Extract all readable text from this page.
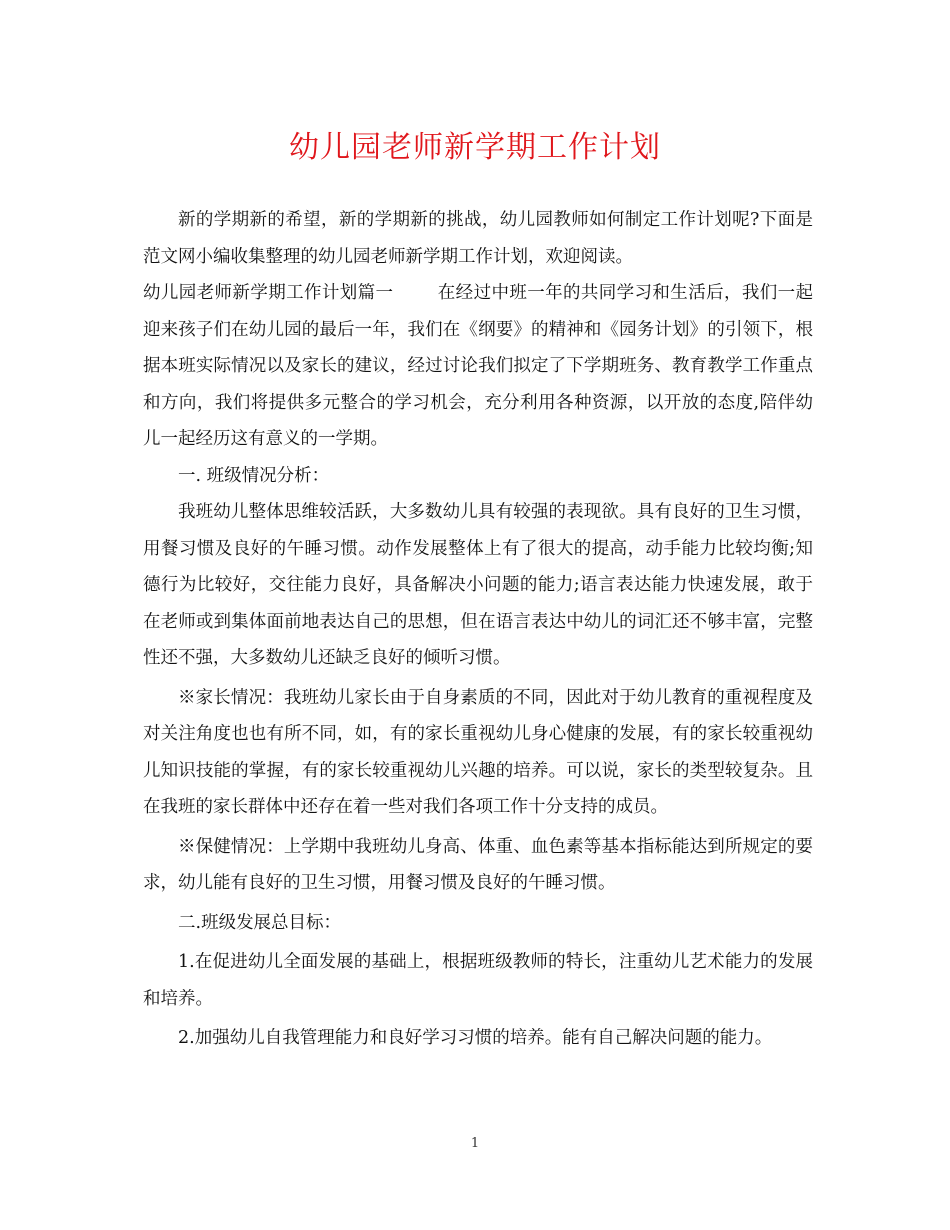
幼儿园老师新学期工作计划

新的学期新的希望，新的学期新的挑战，幼儿园教师如何制定工作计划呢?下面是范文网小编收集整理的幼儿园老师新学期工作计划，欢迎阅读。

幼儿园老师新学期工作计划篇一	在经过中班一年的共同学习和生活后，我们一起迎来孩子们在幼儿园的最后一年，我们在《纲要》的精神和《园务计划》的引领下，根据本班实际情况以及家长的建议，经过讨论我们拟定了下学期班务、教育教学工作重点和方向，我们将提供多元整合的学习机会，充分利用各种资源，以开放的态度,陪伴幼儿一起经历这有意义的一学期。

一. 班级情况分析：

我班幼儿整体思维较活跃，大多数幼儿具有较强的表现欲。具有良好的卫生习惯，用餐习惯及良好的午睡习惯。动作发展整体上有了很大的提高，动手能力比较均衡;知德行为比较好，交往能力良好，具备解决小问题的能力;语言表达能力快速发展，敢于在老师或到集体面前地表达自己的思想，但在语言表达中幼儿的词汇还不够丰富，完整性还不强，大多数幼儿还缺乏良好的倾听习惯。

※家长情况：我班幼儿家长由于自身素质的不同，因此对于幼儿教育的重视程度及对关注角度也也有所不同，如，有的家长重视幼儿身心健康的发展，有的家长较重视幼儿知识技能的掌握，有的家长较重视幼儿兴趣的培养。可以说，家长的类型较复杂。且在我班的家长群体中还存在着一些对我们各项工作十分支持的成员。

※保健情况：上学期中我班幼儿身高、体重、血色素等基本指标能达到所规定的要求，幼儿能有良好的卫生习惯，用餐习惯及良好的午睡习惯。

二.班级发展总目标：

1.在促进幼儿全面发展的基础上，根据班级教师的特长，注重幼儿艺术能力的发展和培养。

2.加强幼儿自我管理能力和良好学习习惯的培养。能有自己解决问题的能力。

1
